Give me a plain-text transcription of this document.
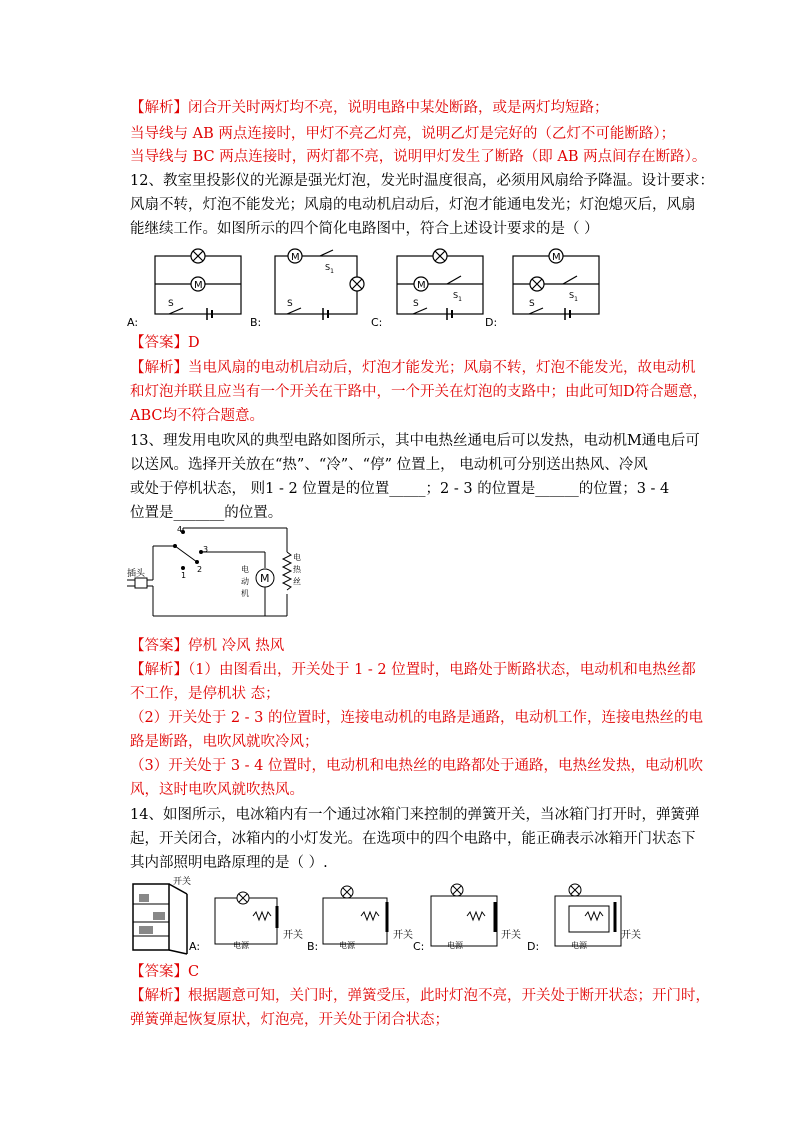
【解析】闭合开关时两灯均不亮，说明电路中某处断路，或是两灯均短路；
当导线与 AB 两点连接时，甲灯不亮乙灯亮，说明乙灯是完好的（乙灯不可能断路）；
当导线与 BC 两点连接时，两灯都不亮，说明甲灯发生了断路（即 AB 两点间存在断路）。
12、教室里投影仪的光源是强光灯泡，发光时温度很高，必须用风扇给予降温。设计要求：
风扇不转，灯泡不能发光；风扇的电动机启动后，灯泡才能通电发光；灯泡熄灭后，风扇
能继续工作。如图所示的四个简化电路图中，符合上述设计要求的是（ ）
【答案】D
【解析】当电风扇的电动机启动后，灯泡才能发光；风扇不转，灯泡不能发光，故电动机
和灯泡并联且应当有一个开关在干路中，一个开关在灯泡的支路中；由此可知D符合题意，
ABC均不符合题意。
13、理发用电吹风的典型电路如图所示，其中电热丝通电后可以发热，电动机M通电后可
以送风。选择开关放在“热”、“冷”、“停” 位置上， 电动机可分别送出热风、冷风
或处于停机状态， 则1 - 2 位置是的位置_____；2 - 3 的位置是______的位置；3 - 4
位置是_______的位置。
【答案】停机 冷风 热风
【解析】（1）由图看出，开关处于 1 - 2 位置时，电路处于断路状态，电动机和电热丝都
不工作，是停机状 态；
（2）开关处于 2 - 3 的位置时，连接电动机的电路是通路，电动机工作，连接电热丝的电
路是断路，电吹风就吹冷风；
（3）开关处于 3 - 4 位置时，电动机和电热丝的电路都处于通路，电热丝发热，电动机吹
风，这时电吹风就吹热风。
14、如图所示，电冰箱内有一个通过冰箱门来控制的弹簧开关，当冰箱门打开时，弹簧弹
起，开关闭合，冰箱内的小灯发光。在选项中的四个电路中，能正确表示冰箱开门状态下
其内部照明电路原理的是（ ）.
【答案】C
【解析】根据题意可知，关门时，弹簧受压，此时灯泡不亮，开关处于断开状态；开门时，
弹簧弹起恢复原状，灯泡亮，开关处于闭合状态；
M
S
A:
M
$S_1$
S
B:
M
$S_1$
S
C:
M
$S_1$
S
D:
插头
4
3
2
1	M
电
动
机
电
热
丝
开关
A:
开关
电源	B:
开关
电源	C:
开关
电源	D:
开关
电源
